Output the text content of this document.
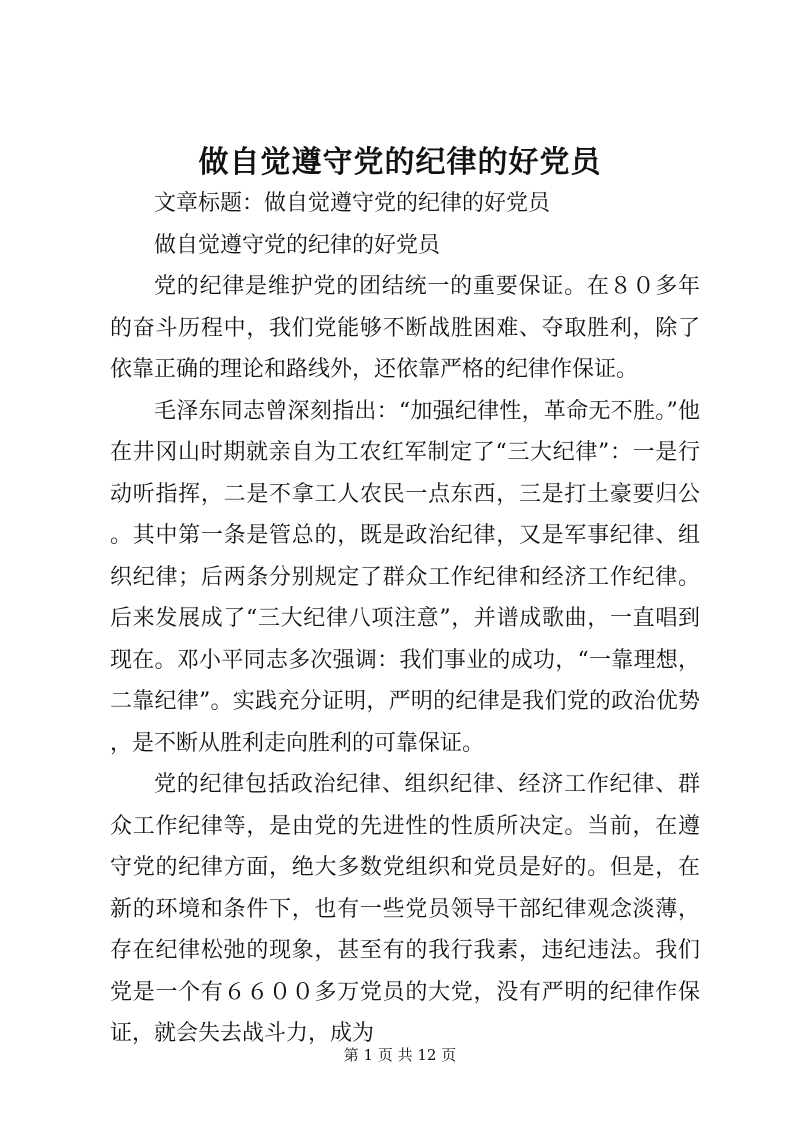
做自觉遵守党的纪律的好党员

文章标题：做自觉遵守党的纪律的好党员

做自觉遵守党的纪律的好党员

党的纪律是维护党的团结统一的重要保证。在８０多年的奋斗历程中，我们党能够不断战胜困难、夺取胜利，除了依靠正确的理论和路线外，还依靠严格的纪律作保证。

毛泽东同志曾深刻指出：“加强纪律性，革命无不胜。”他在井冈山时期就亲自为工农红军制定了“三大纪律”：一是行动听指挥，二是不拿工人农民一点东西，三是打土豪要归公。其中第一条是管总的，既是政治纪律，又是军事纪律、组织纪律；后两条分别规定了群众工作纪律和经济工作纪律。后来发展成了“三大纪律八项注意”，并谱成歌曲，一直唱到现在。邓小平同志多次强调：我们事业的成功，“一靠理想，二靠纪律”。实践充分证明，严明的纪律是我们党的政治优势，是不断从胜利走向胜利的可靠保证。

党的纪律包括政治纪律、组织纪律、经济工作纪律、群众工作纪律等，是由党的先进性的性质所决定。当前，在遵守党的纪律方面，绝大多数党组织和党员是好的。但是，在新的环境和条件下，也有一些党员领导干部纪律观念淡薄，存在纪律松弛的现象，甚至有的我行我素，违纪违法。我们党是一个有６６００多万党员的大党，没有严明的纪律作保证，就会失去战斗力，成为

第 1 页 共 12 页
